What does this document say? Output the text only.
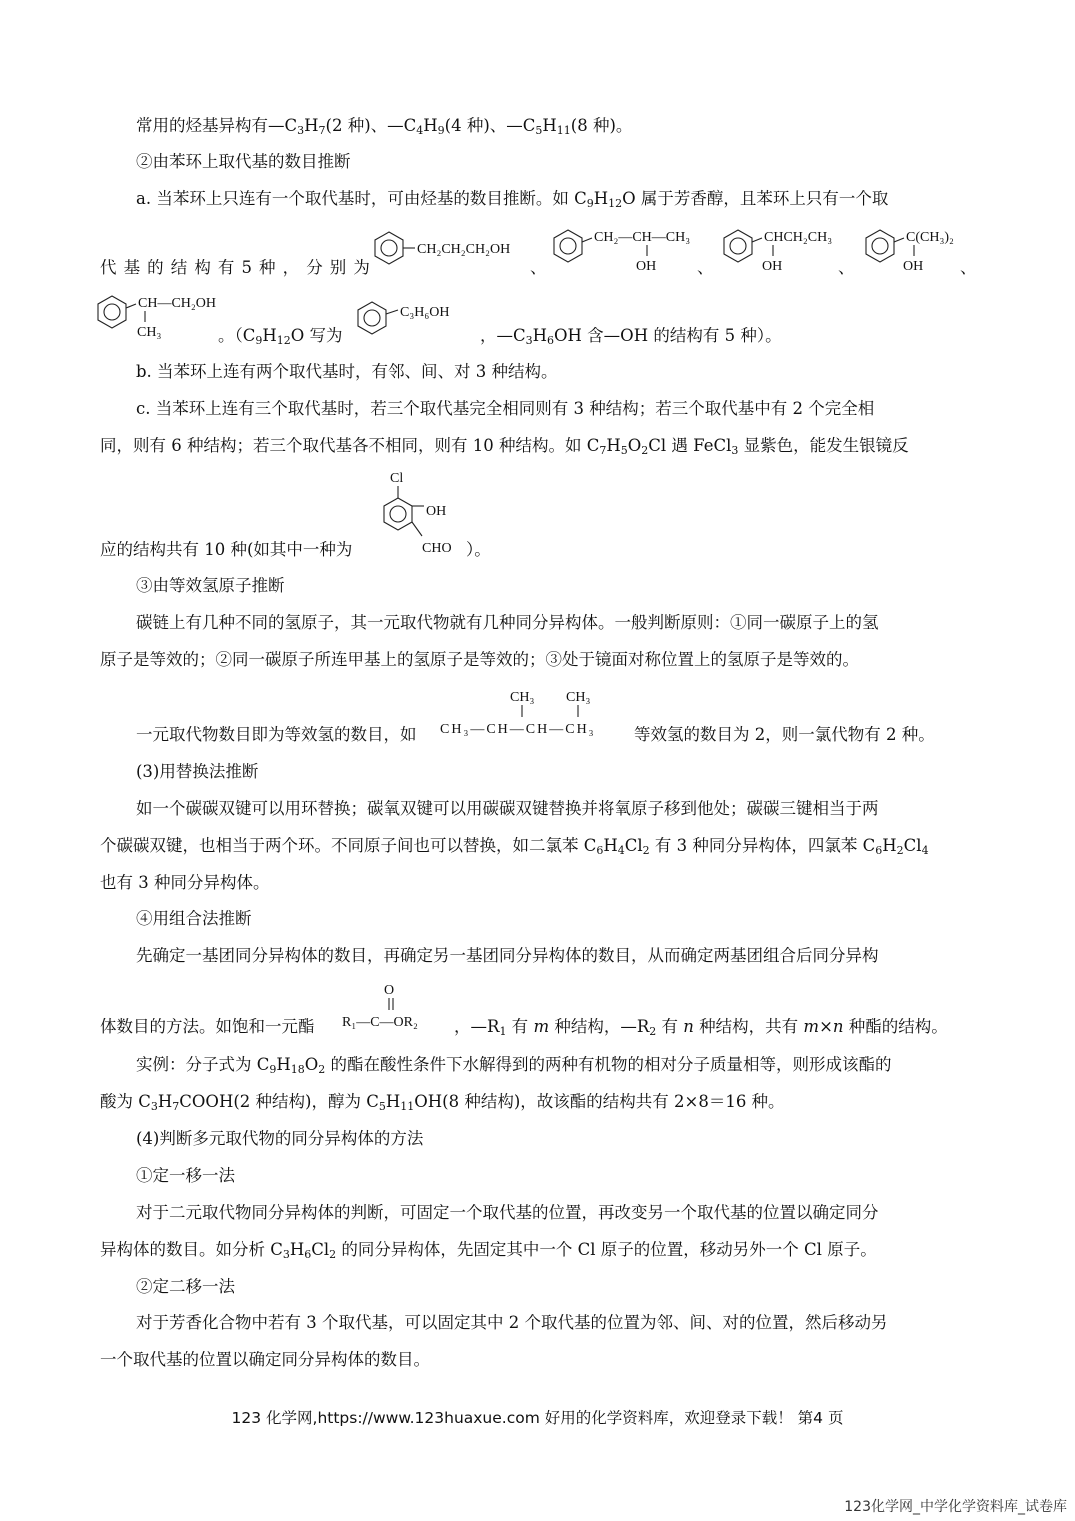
常用的烃基异构有$—C_3H_7(2$ 种)、$—C_4H_9(4$ 种)、$—C_5H_{11}(8$ 种)。
②由苯环上取代基的数目推断
a. 当苯环上只连有一个取代基时，可由烃基的数目推断。如 $C_9H_{12}O$ 属于芳香醇，且苯环上只有一个取
代 基 的 结 构 有 5 种 ， 分 别 为	、	、	、	、
CH₂CH₂CH₂OH
CH₂—CH—CH₃
OH
CHCH₂CH₃
OH
C(CH₃)₂
OH
CH—CH₂OH
CH₃	。（$C_9H_{12}O$ 写为
C₃H₆OH
，$—C_3H_6OH$ 含—OH 的结构有 5 种）。
b. 当苯环上连有两个取代基时，有邻、间、对 3 种结构。
c. 当苯环上连有三个取代基时，若三个取代基完全相同则有 3 种结构；若三个取代基中有 2 个完全相
同，则有 6 种结构；若三个取代基各不相同，则有 10 种结构。如 $C_7H_5O_2Cl$ 遇 FeCl$_3$ 显紫色，能发生银镜反
应的结构共有 10 种(如其中一种为
Cl
OH
CHO ）。
③由等效氢原子推断
碳链上有几种不同的氢原子，其一元取代物就有几种同分异构体。一般判断原则：①同一碳原子上的氢
原子是等效的；②同一碳原子所连甲基上的氢原子是等效的；③处于镜面对称位置上的氢原子是等效的。
一元取代物数目即为等效氢的数目，如
CH₃ CH₃
CH₃—CH—CH—CH₃ 等效氢的数目为 2，则一氯代物有 2 种。
(3)用替换法推断
如一个碳碳双键可以用环替换；碳氧双键可以用碳碳双键替换并将氧原子移到他处；碳碳三键相当于两
个碳碳双键，也相当于两个环。不同原子间也可以替换，如二氯苯 $C_6H_4Cl_2$ 有 3 种同分异构体，四氯苯 $C_6H_2Cl_4$
也有 3 种同分异构体。
④用组合法推断
先确定一基团同分异构体的数目，再确定另一基团同分异构体的数目，从而确定两基团组合后同分异构
体数目的方法。如饱和一元酯
O
R₁—C—OR₂ ，$—R_1$ 有 m 种结构，$—R_2$ 有 n 种结构，共有 m×n 种酯的结构。
实例：分子式为 $C_9H_{18}O_2$ 的酯在酸性条件下水解得到的两种有机物的相对分子质量相等，则形成该酯的
酸为 $C_3H_7COOH(2$ 种结构)，醇为 $C_5H_{11}OH(8$ 种结构)，故该酯的结构共有 2×8＝16 种。
(4)判断多元取代物的同分异构体的方法
①定一移一法
对于二元取代物同分异构体的判断，可固定一个取代基的位置，再改变另一个取代基的位置以确定同分
异构体的数目。如分析 $C_3H_6Cl_2$ 的同分异构体，先固定其中一个 Cl 原子的位置，移动另外一个 Cl 原子。
②定二移一法
对于芳香化合物中若有 3 个取代基，可以固定其中 2 个取代基的位置为邻、间、对的位置，然后移动另
一个取代基的位置以确定同分异构体的数目。
123 化学网,https://www.123huaxue.com 好用的化学资料库，欢迎登录下载！ 第4 页
123化学网_中学化学资料库_试卷库
